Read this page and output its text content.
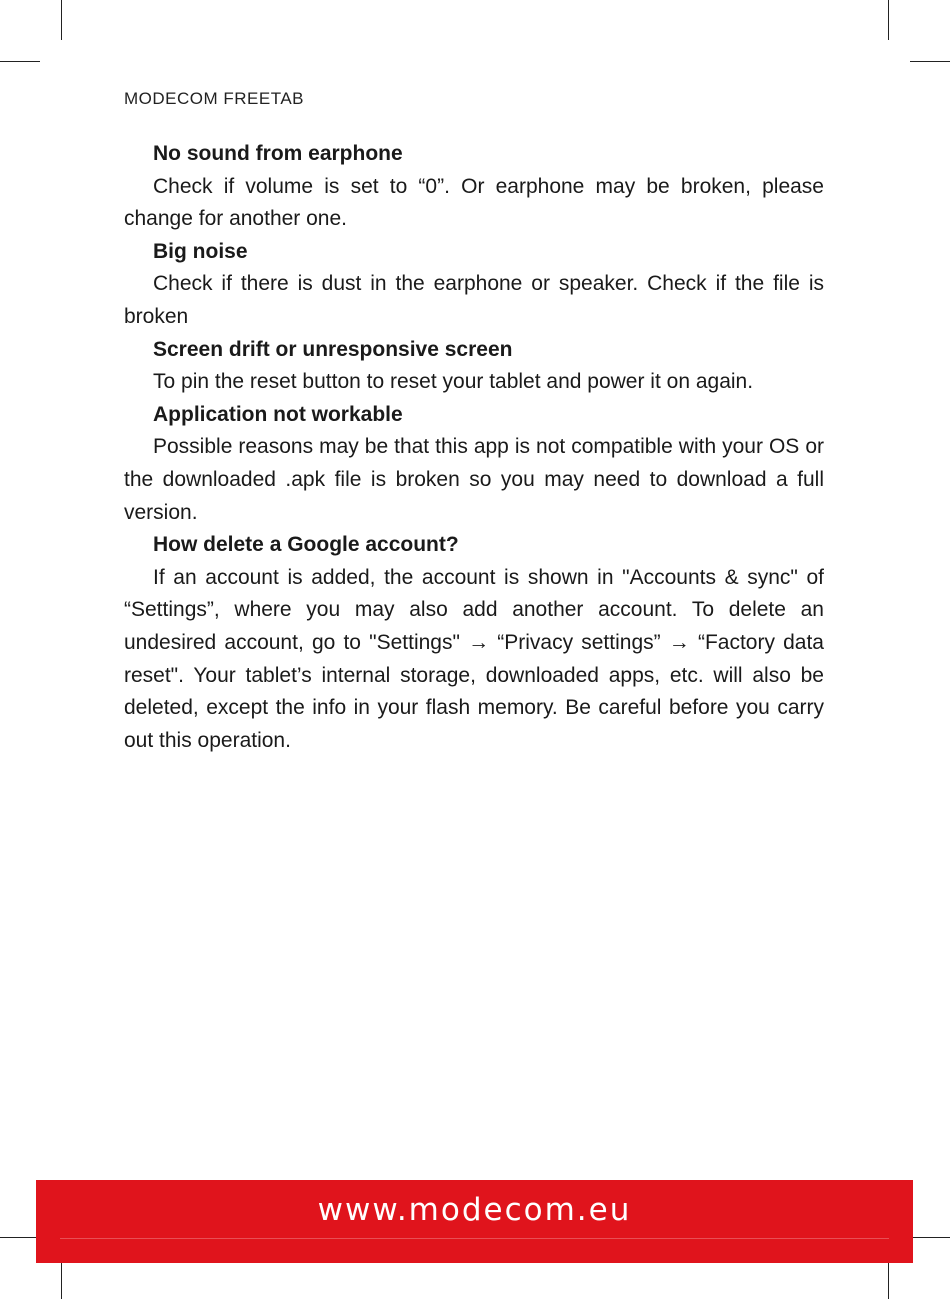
MODECOM FREETAB

No sound from earphone

Check if volume is set to “0”. Or earphone may be broken, please change for another one.

Big noise

Check if there is dust in the earphone or speaker. Check if the file is broken

Screen drift or unresponsive screen

To pin the reset button to reset your tablet and power it on again.

Application not workable

Possible reasons may be that this app is not compatible with your OS or the downloaded .apk file is broken so you may need to download a full version.

How delete a Google account?

If an account is added, the account is shown in "Accounts & sync" of “Settings”, where you may also add another account. To delete an undesired account, go to "Settings" → “Privacy settings” → “Factory data reset". Your tablet’s internal storage, downloaded apps, etc. will also be deleted, except the info in your flash memory. Be careful before you carry out this operation.

www.modecom.eu
